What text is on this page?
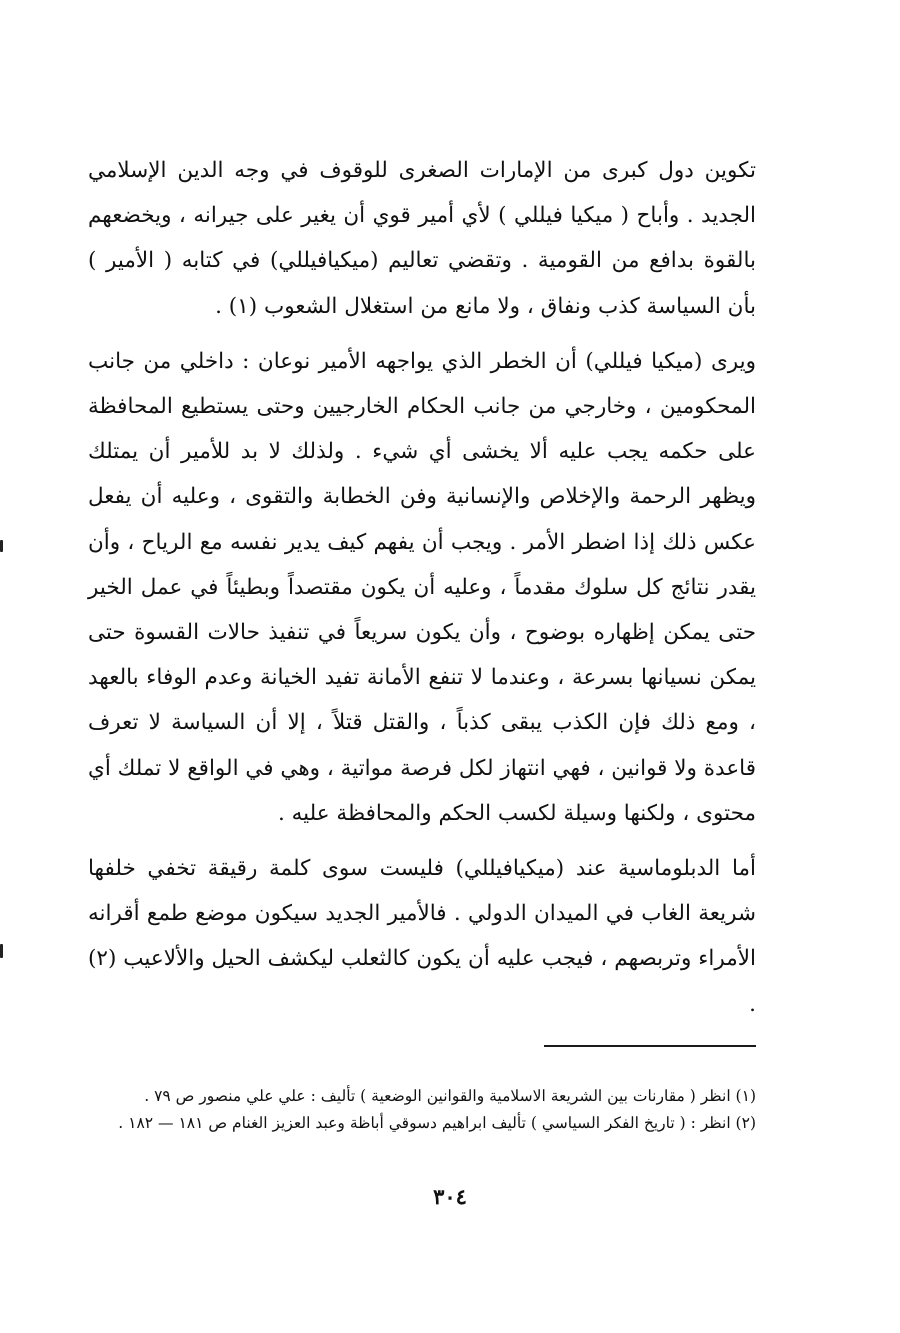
تكوين دول كبرى من الإمارات الصغرى للوقوف في وجه الدين الإسلامي الجديد . وأباح ( ميكيا فيللي ) لأي أمير قوي أن يغير على جيرانه ، ويخضعهم بالقوة بدافع من القومية . وتقضي تعاليم (ميكيافيللي) في كتابه ( الأمير ) بأن السياسة كذب ونفاق ، ولا مانع من استغلال الشعوب (١) .

ويرى (ميكيا فيللي) أن الخطر الذي يواجهه الأمير نوعان : داخلي من جانب المحكومين ، وخارجي من جانب الحكام الخارجيين وحتى يستطيع المحافظة على حكمه يجب عليه ألا يخشى أي شيء . ولذلك لا بد للأمير أن يمتلك ويظهر الرحمة والإخلاص والإنسانية وفن الخطابة والتقوى ، وعليه أن يفعل عكس ذلك إذا اضطر الأمر . ويجب أن يفهم كيف يدير نفسه مع الرياح ، وأن يقدر نتائج كل سلوك مقدماً ، وعليه أن يكون مقتصداً وبطيئاً في عمل الخير حتى يمكن إظهاره بوضوح ، وأن يكون سريعاً في تنفيذ حالات القسوة حتى يمكن نسيانها بسرعة ، وعندما لا تنفع الأمانة تفيد الخيانة وعدم الوفاء بالعهد ، ومع ذلك فإن الكذب يبقى كذباً ، والقتل قتلاً ، إلا أن السياسة لا تعرف قاعدة ولا قوانين ، فهي انتهاز لكل فرصة مواتية ، وهي في الواقع لا تملك أي محتوى ، ولكنها وسيلة لكسب الحكم والمحافظة عليه .

أما الدبلوماسية عند (ميكيافيللي) فليست سوى كلمة رقيقة تخفي خلفها شريعة الغاب في الميدان الدولي . فالأمير الجديد سيكون موضع طمع أقرانه الأمراء وتربصهم ، فيجب عليه أن يكون كالثعلب ليكشف الحيل والألاعيب (٢) .

(١) انظر ( مقارنات بين الشريعة الاسلامية والقوانين الوضعية ) تأليف : علي علي منصور ص ٧٩ .

(٢) انظر : ( تاريخ الفكر السياسي ) تأليف ابراهيم دسوقي أباظة وعبد العزيز الغنام ص ١٨١ — ١٨٢ .

٣٠٤
